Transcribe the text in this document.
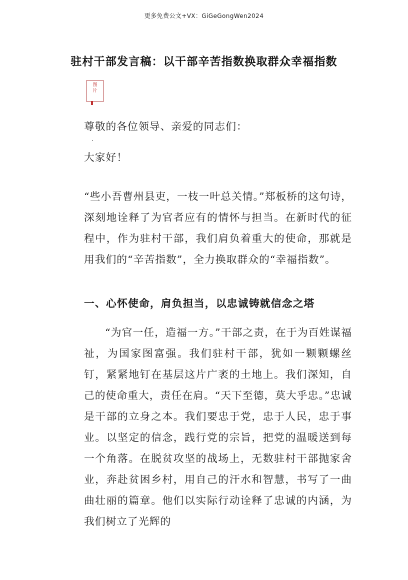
更多免费公文+VX：GiGeGongWen2024
驻村干部发言稿：以干部辛苦指数换取群众幸福指数
图
片
尊敬的各位领导、亲爱的同志们：
大家好！
“些小吾曹州县吏，一枝一叶总关情。”郑板桥的这句诗，深刻地诠释了为官者应有的情怀与担当。在新时代的征程中，作为驻村干部，我们肩负着重大的使命，那就是用我们的“辛苦指数”，全力换取群众的“幸福指数”。
一、心怀使命，肩负担当，以忠诚铸就信念之塔
“为官一任，造福一方。”干部之责，在于为百姓谋福祉，为国家图富强。我们驻村干部，犹如一颗颗螺丝钉，紧紧地钉在基层这片广袤的土地上。我们深知，自己的使命重大，责任在肩。“天下至德，莫大乎忠。”忠诚是干部的立身之本。我们要忠于党，忠于人民，忠于事业。以坚定的信念，践行党的宗旨，把党的温暖送到每一个角落。在脱贫攻坚的战场上，无数驻村干部抛家舍业，奔赴贫困乡村，用自己的汗水和智慧，书写了一曲曲壮丽的篇章。他们以实际行动诠释了忠诚的内涵，为我们树立了光辉的
